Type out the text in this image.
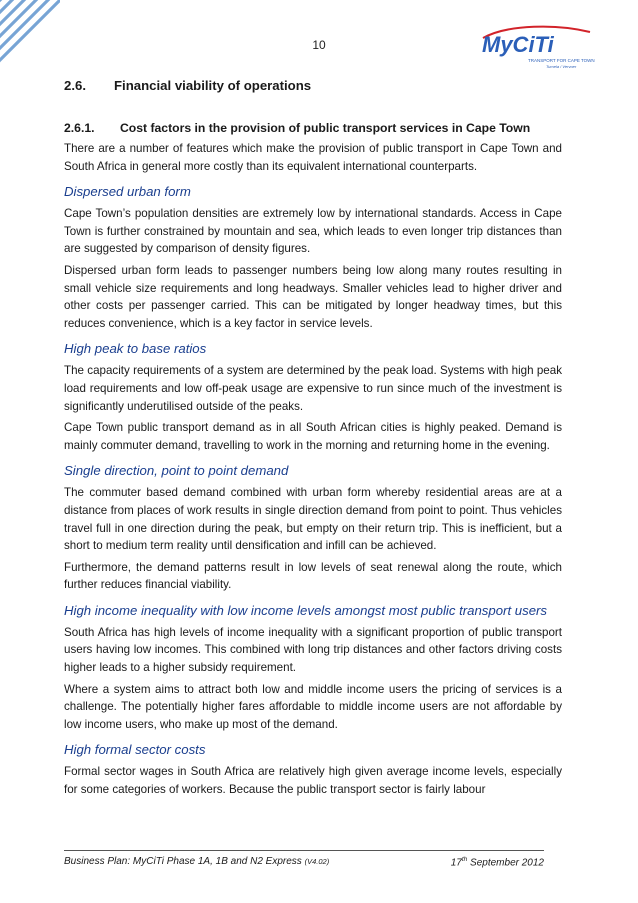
10	MyCiTi
TRANSPORT FOR CAPE TOWN
Tumela / Vervoer
2.6.	Financial viability of operations
2.6.1.	Cost factors in the provision of public transport services in Cape Town

There are a number of features which make the provision of public transport in Cape Town and South Africa in general more costly than its equivalent international counterparts.

Dispersed urban form

Cape Town’s population densities are extremely low by international standards. Access in Cape Town is further constrained by mountain and sea, which leads to even longer trip distances than are suggested by comparison of density figures.

Dispersed urban form leads to passenger numbers being low along many routes resulting in small vehicle size requirements and long headways. Smaller vehicles lead to higher driver and other costs per passenger carried. This can be mitigated by longer headway times, but this reduces convenience, which is a key factor in service levels.

High peak to base ratios

The capacity requirements of a system are determined by the peak load. Systems with high peak load requirements and low off-peak usage are expensive to run since much of the investment is significantly underutilised outside of the peaks.

Cape Town public transport demand as in all South African cities is highly peaked. Demand is mainly commuter demand, travelling to work in the morning and returning home in the evening.

Single direction, point to point demand

The commuter based demand combined with urban form whereby residential areas are at a distance from places of work results in single direction demand from point to point. Thus vehicles travel full in one direction during the peak, but empty on their return trip. This is inefficient, but a short to medium term reality until densification and infill can be achieved.

Furthermore, the demand patterns result in low levels of seat renewal along the route, which further reduces financial viability.

High income inequality with low income levels amongst most public transport users

South Africa has high levels of income inequality with a significant proportion of public transport users having low incomes. This combined with long trip distances and other factors driving costs higher leads to a higher subsidy requirement.

Where a system aims to attract both low and middle income users the pricing of services is a challenge. The potentially higher fares affordable to middle income users are not affordable by low income users, who make up most of the demand.

High formal sector costs

Formal sector wages in South Africa are relatively high given average income levels, especially for some categories of workers. Because the public transport sector is fairly labour

Business Plan: MyCiTi Phase 1A, 1B and N2 Express (V4.02)	17th September 2012
